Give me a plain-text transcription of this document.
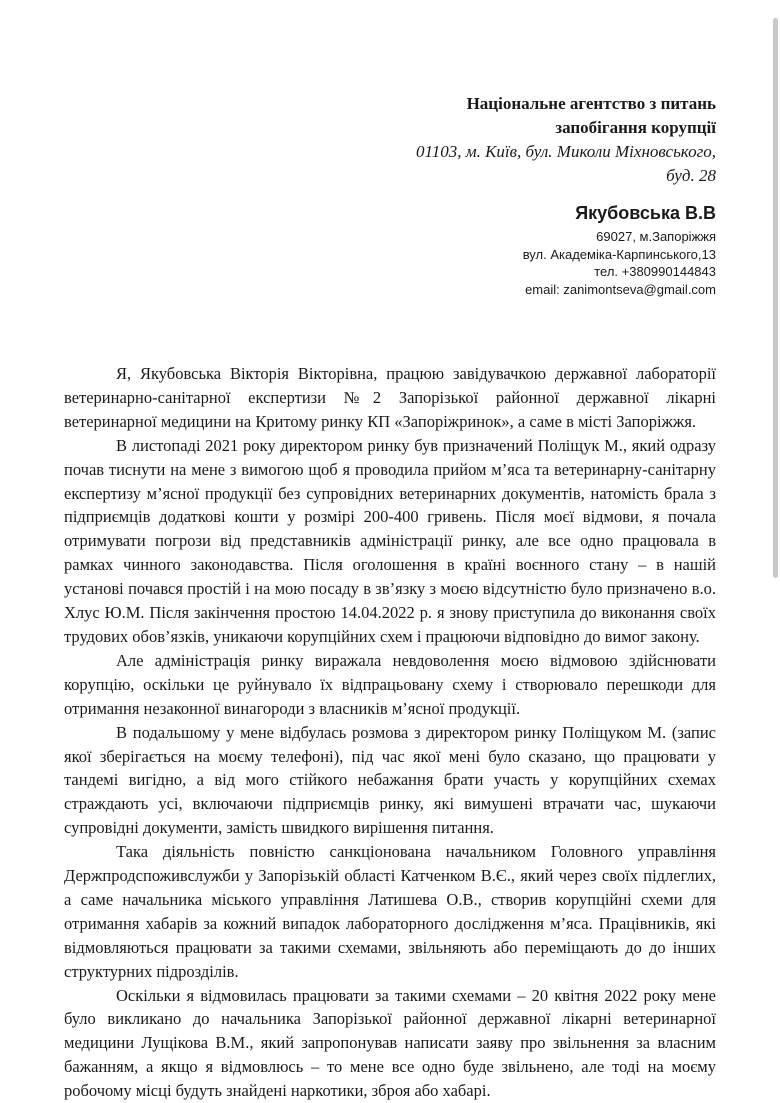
Національне агентство з питань
запобігання корупції
01103, м. Київ, бул. Миколи Міхновського,
буд. 28
Якубовська В.В
69027, м.Запоріжжя
вул. Академіка-Карпинського,13
тел. +380990144843
email: zanimontseva@gmail.com

Я, Якубовська Вікторія Вікторівна, працюю завідувачкою державної лабораторії ветеринарно-санітарної експертизи №2 Запорізької районної державної лікарні ветеринарної медицини на Критому ринку КП «Запоріжринок», а саме в місті Запоріжжя.

В листопаді 2021 року директором ринку був призначений Поліщук М., який одразу почав тиснути на мене з вимогою щоб я проводила прийом м’яса та ветеринарну-санітарну експертизу м’ясної продукції без супровідних ветеринарних документів, натомість брала з підприємців додаткові кошти у розмірі 200-400 гривень. Після моєї відмови, я почала отримувати погрози від представників адміністрації ринку, але все одно працювала в рамках чинного законодавства. Після оголошення в країні воєнного стану – в нашій установі почався простій і на мою посаду в зв’язку з моєю відсутністю було призначено в.о. Хлус Ю.М. Після закінчення простою 14.04.2022 р. я знову приступила до виконання своїх трудових обов’язків, уникаючи корупційних схем і працюючи відповідно до вимог закону.

Але адміністрація ринку виражала невдоволення моєю відмовою здійснювати корупцію, оскільки це руйнувало їх відпрацьовану схему і створювало перешкоди для отримання незаконної винагороди з власників м’ясної продукції.

В подальшому у мене відбулась розмова з директором ринку Поліщуком М. (запис якої зберігається на моєму телефоні), під час якої мені було сказано, що працювати у тандемі вигідно, а від мого стійкого небажання брати участь у корупційних схемах страждають усі, включаючи підприємців ринку, які вимушені втрачати час, шукаючи супровідні документи, замість швидкого вирішення питання.

Така діяльність повністю санкціонована начальником Головного управління Держпродспоживслужби у Запорізькій області Катченком В.Є., який через своїх підлеглих, а саме начальника міського управління Латишева О.В., створив корупційні схеми для отримання хабарів за кожний випадок лабораторного дослідження м’яса. Працівників, які відмовляються працювати за такими схемами, звільняють або переміщають до до інших структурних підрозділів.

Оскільки я відмовилась працювати за такими схемами – 20 квітня 2022 року мене було викликано до начальника Запорізької районної державної лікарні ветеринарної медицини Лущікова В.М., який запропонував написати заяву про звільнення за власним бажанням, а якщо я відмовлюсь – то мене все одно буде звільнено, але тоді на моєму робочому місці будуть знайдені наркотики, зброя або хабарі.
